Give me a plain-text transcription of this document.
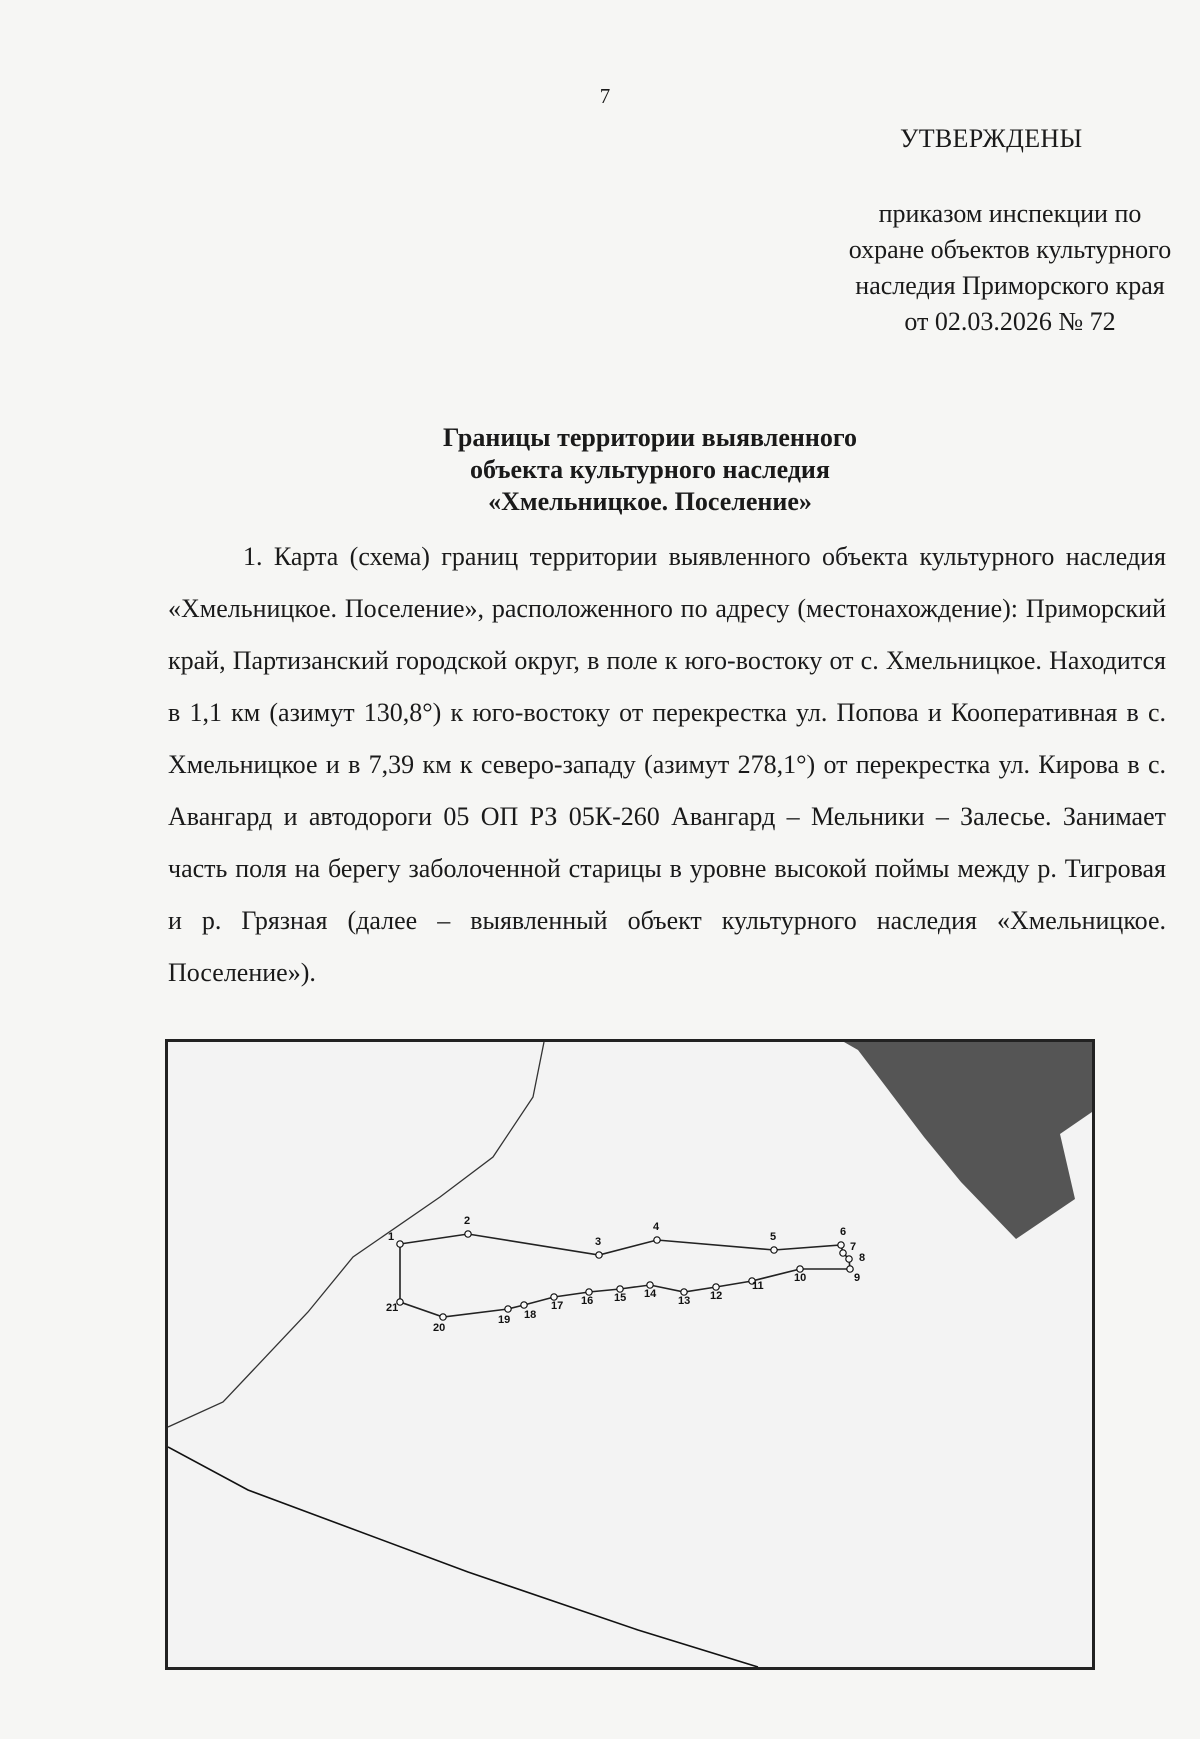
7
УТВЕРЖДЕНЫ
приказом инспекции по
охране объектов культурного
наследия Приморского края
от 02.03.2026 № 72
Границы территории выявленного
объекта культурного наследия
«Хмельницкое. Поселение»

1. Карта (схема) границ территории выявленного объекта культурного наследия «Хмельницкое. Поселение», расположенного по адресу (местонахождение): Приморский край, Партизанский городской округ, в поле к юго-востоку от с. Хмельницкое. Находится в 1,1 км (азимут 130,8°) к юго-востоку от перекрестка ул. Попова и Кооперативная в с. Хмельницкое и в 7,39 км к северо-западу (азимут 278,1°) от перекрестка ул. Кирова в с. Авангард и автодороги 05 ОП РЗ 05К-260 Авангард – Мельники – Залесье. Занимает часть поля на берегу заболоченной старицы в уровне высокой поймы между р. Тигровая и р. Грязная (далее – выявленный объект культурного наследия «Хмельницкое. Поселение»).

1
2
3
4
5	6
7
8
9
10
11
12
13
14
15
16
17
18
19
20
21
